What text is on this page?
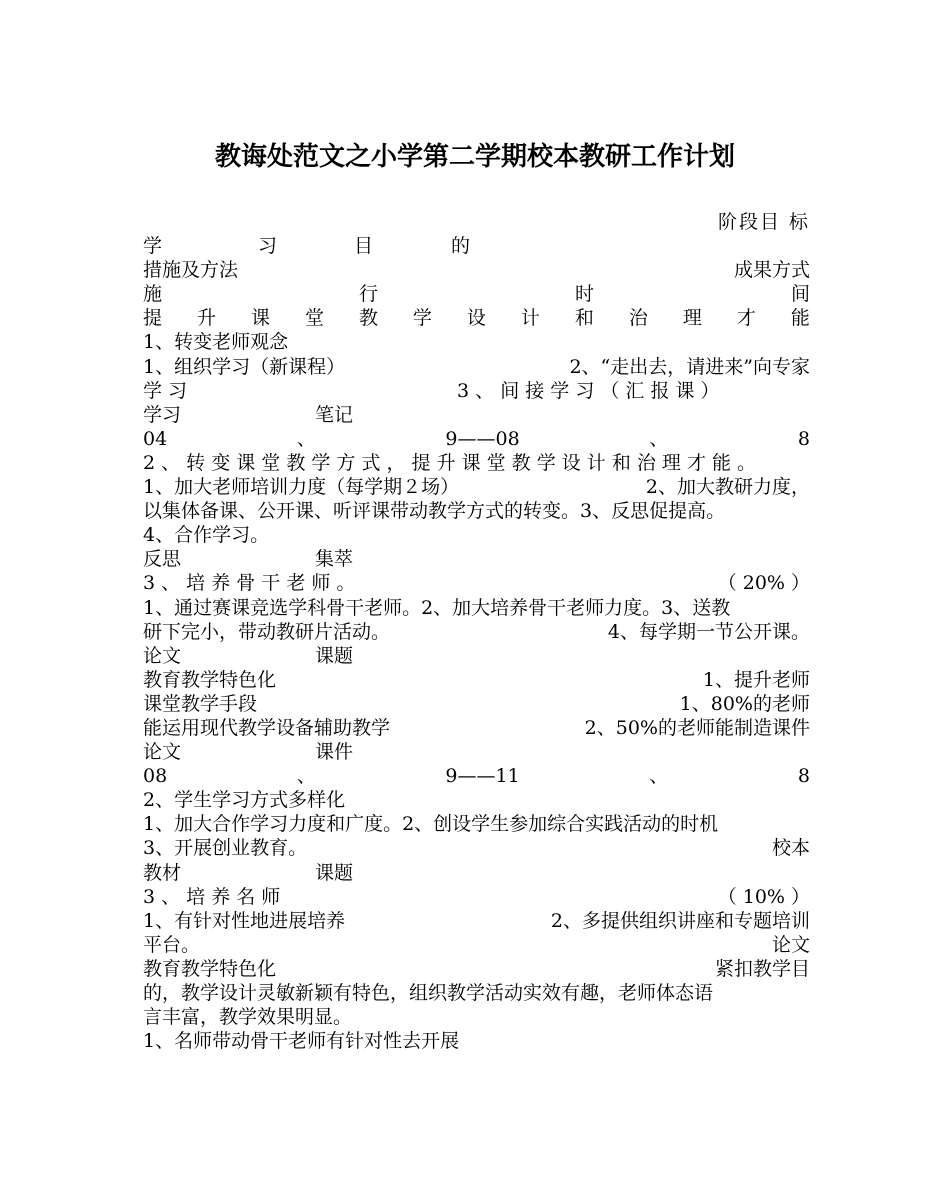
教诲处范文之小学第二学期校本教研工作计划
阶段目 标
学	习	目	的
措施及方法	成果方式
施	行	时	间
提 升 课 堂 教 学 设 计 和 治 理 才 能
1、转变老师观念
1、组织学习（新课程）	2、“走出去，请进来”向专家
学 习	3 、 间 接 学 习 （ 汇 报 课 ）
学习	笔记
04	、	9——08	、	8
2 、 转 变 课 堂 教 学 方 式 ， 提 升 课 堂 教 学 设 计 和 治 理 才 能 。
1、加大老师培训力度（每学期２场）	2、加大教研力度，
以集体备课、公开课、听评课带动教学方式的转变。3、反思促提高。
4、合作学习。
反思	集萃
3 、 培 养 骨 干 老 师 。	（ 20% ）
1、通过赛课竞选学科骨干老师。2、加大培养骨干老师力度。3、送教
研下完小，带动教研片活动。	4、每学期一节公开课。
论文	课题
教育教学特色化	1、提升老师
课堂教学手段	1、80%的老师
能运用现代教学设备辅助教学	2、50%的老师能制造课件
论文	课件
08	、	9——11	、	8
2、学生学习方式多样化
1、加大合作学习力度和广度。2、创设学生参加综合实践活动的时机
3、开展创业教育。	校本
教材	课题
3 、 培 养 名 师	（ 10% ）
1、有针对性地进展培养	2、多提供组织讲座和专题培训
平台。	论文
教育教学特色化	紧扣教学目
的，教学设计灵敏新颖有特色，组织教学活动实效有趣，老师体态语
言丰富，教学效果明显。
1、名师带动骨干老师有针对性去开展
